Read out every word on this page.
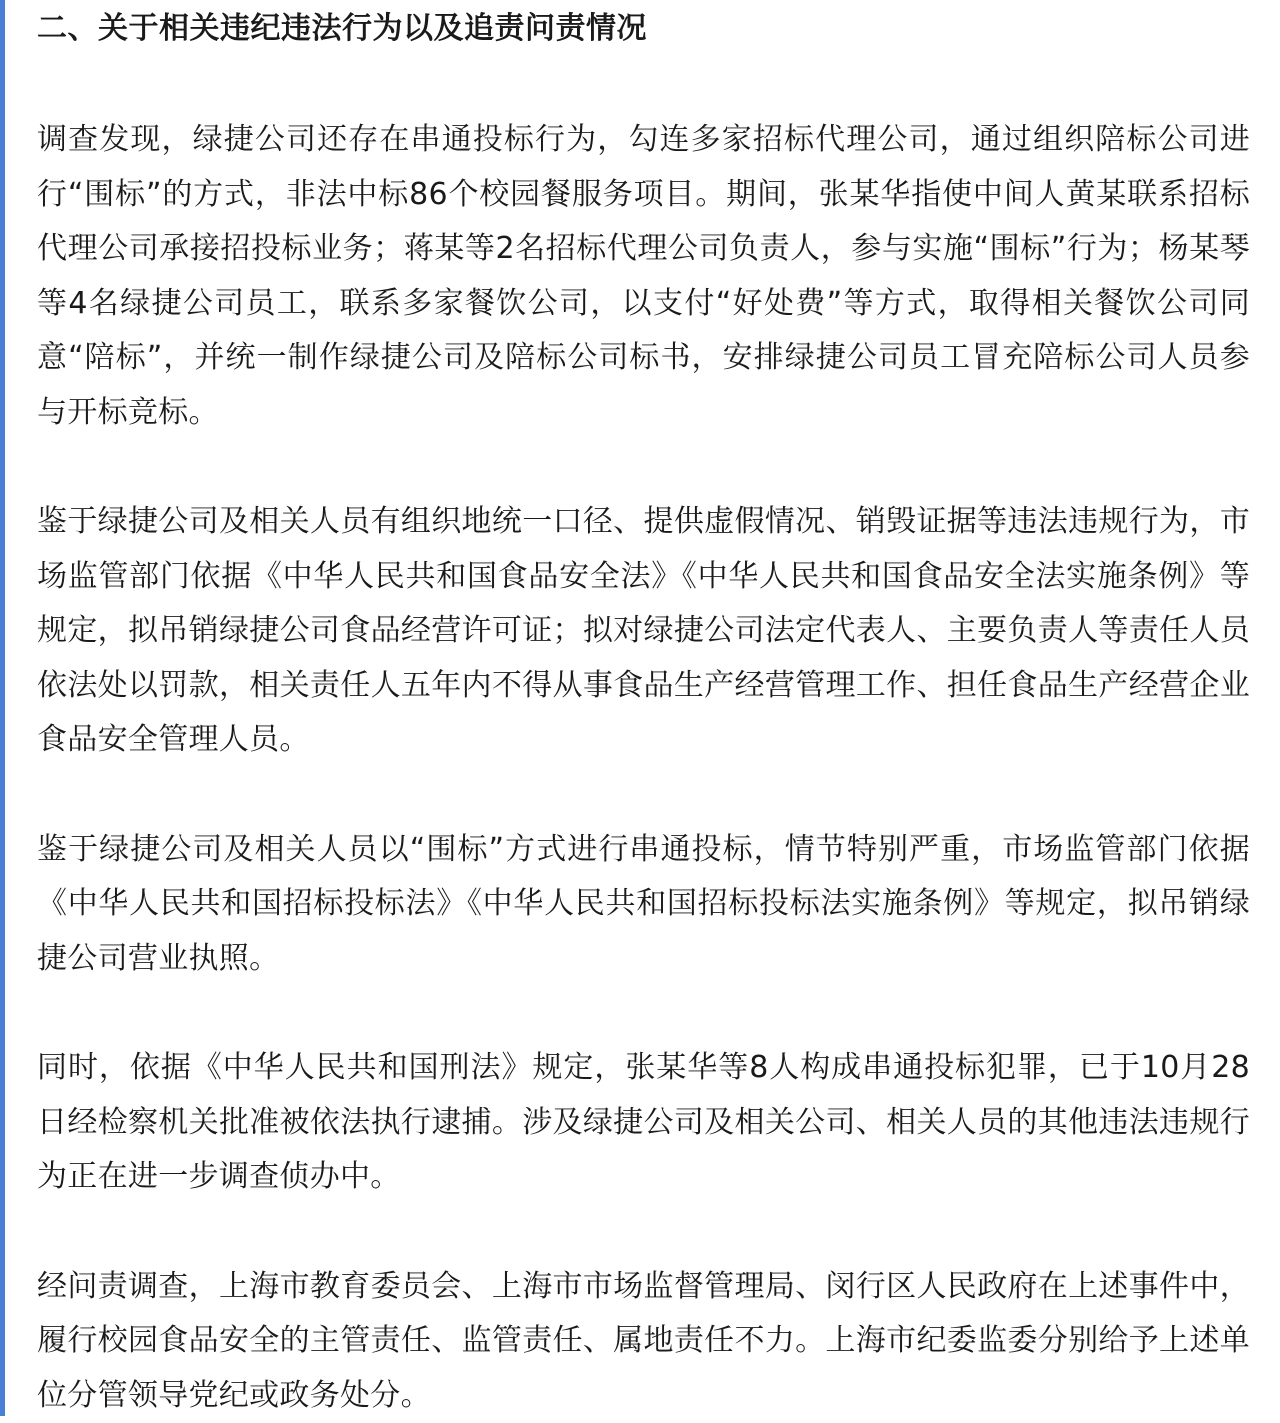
二、关于相关违纪违法行为以及追责问责情况

调查发现，绿捷公司还存在串通投标行为，勾连多家招标代理公司，通过组织陪标公司进行“围标”的方式，非法中标86个校园餐服务项目。期间，张某华指使中间人黄某联系招标代理公司承接招投标业务；蒋某等2名招标代理公司负责人，参与实施“围标”行为；杨某琴等4名绿捷公司员工，联系多家餐饮公司，以支付“好处费”等方式，取得相关餐饮公司同意“陪标”，并统一制作绿捷公司及陪标公司标书，安排绿捷公司员工冒充陪标公司人员参与开标竞标。

鉴于绿捷公司及相关人员有组织地统一口径、提供虚假情况、销毁证据等违法违规行为，市场监管部门依据《中华人民共和国食品安全法》《中华人民共和国食品安全法实施条例》等规定，拟吊销绿捷公司食品经营许可证；拟对绿捷公司法定代表人、主要负责人等责任人员依法处以罚款，相关责任人五年内不得从事食品生产经营管理工作、担任食品生产经营企业食品安全管理人员。

鉴于绿捷公司及相关人员以“围标”方式进行串通投标，情节特别严重，市场监管部门依据《中华人民共和国招标投标法》《中华人民共和国招标投标法实施条例》等规定，拟吊销绿捷公司营业执照。

同时，依据《中华人民共和国刑法》规定，张某华等8人构成串通投标犯罪，已于10月28日经检察机关批准被依法执行逮捕。涉及绿捷公司及相关公司、相关人员的其他违法违规行为正在进一步调查侦办中。

经问责调查，上海市教育委员会、上海市市场监督管理局、闵行区人民政府在上述事件中，履行校园食品安全的主管责任、监管责任、属地责任不力。上海市纪委监委分别给予上述单位分管领导党纪或政务处分。
